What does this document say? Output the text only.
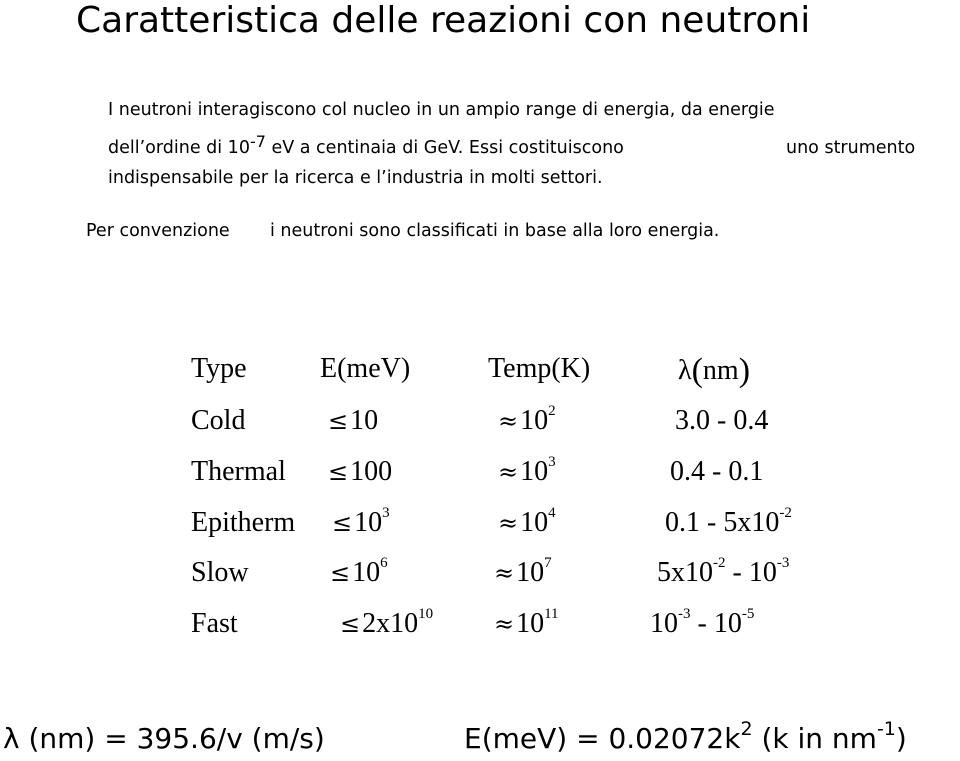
Caratteristica delle reazioni con neutroni
I neutroni interagiscono col nucleo in un ampio range di energia, da energie
dell’ordine di 10-7 eV a centinaia di GeV. Essi costituiscono	uno strumento
indispensabile per la ricerca e l’industria in molti settori.
Per convenzione i neutroni sono classificati in base alla loro energia.
Type	E(meV)	Temp(K)	λ(nm)
Cold	≤10	$\approx 10^2$	3.0 - 0.4
Thermal ≤100	$\approx 10^3$	0.4 - 0.1
Epitherm $\le 10^3$	$\approx 10^4$	$0.1 - 5x10^{-2}$
Slow	$\le 10^6$	$\approx 10^7$	$5x10^{-2} - 10^{-3}$
Fast	$\le 2x10^{10}$	$\approx 10^{11}$	$10^{-3} - 10^{-5}$
λ (nm) = 395.6/v (m/s)	$E(meV) = 0.02072k^2$ (k in $nm^{-1}$)
